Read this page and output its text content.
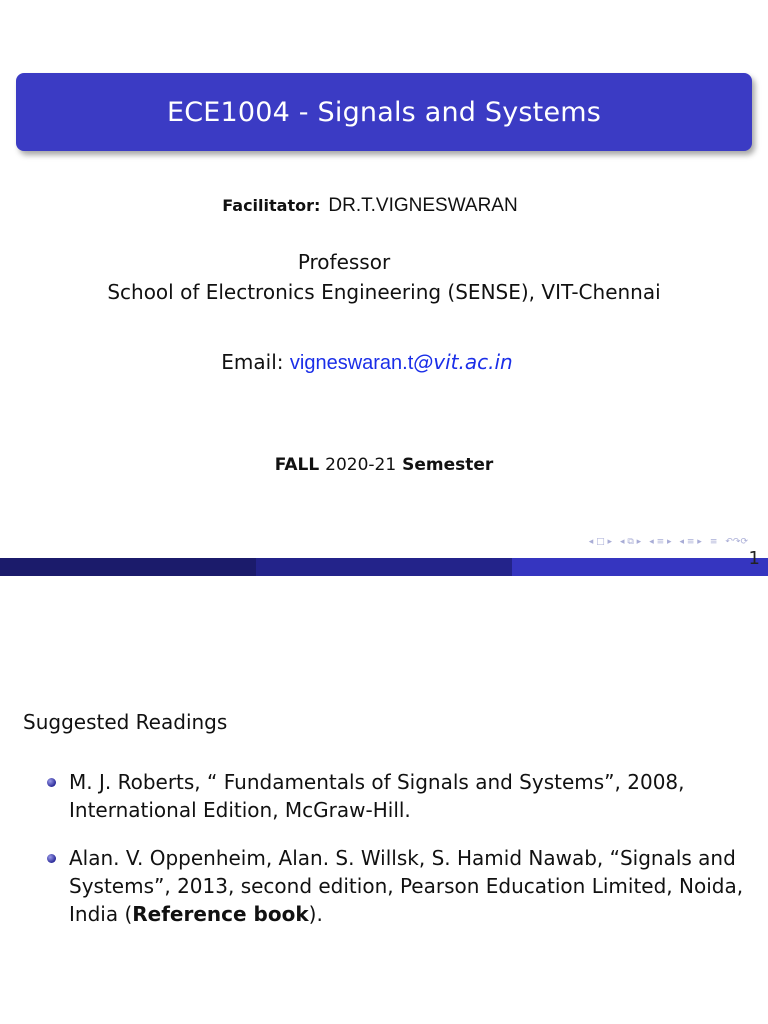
ECE1004 - Signals and Systems
Facilitator: DR.T.VIGNESWARAN
Professor
School of Electronics Engineering (SENSE), VIT-Chennai
Email: vigneswaran.t@vit.ac.in
FALL 2020-21 Semester
◂ □ ▸ ◂ ⧉ ▸ ◂ ≡ ▸ ◂ ≡ ▸ ≡ ↶↷⟳
1
Suggested Readings
M. J. Roberts, “ Fundamentals of Signals and Systems”, 2008, International Edition, McGraw-Hill.
Alan. V. Oppenheim, Alan. S. Willsk, S. Hamid Nawab, “Signals and Systems”, 2013, second edition, Pearson Education Limited, Noida, India (Reference book).
